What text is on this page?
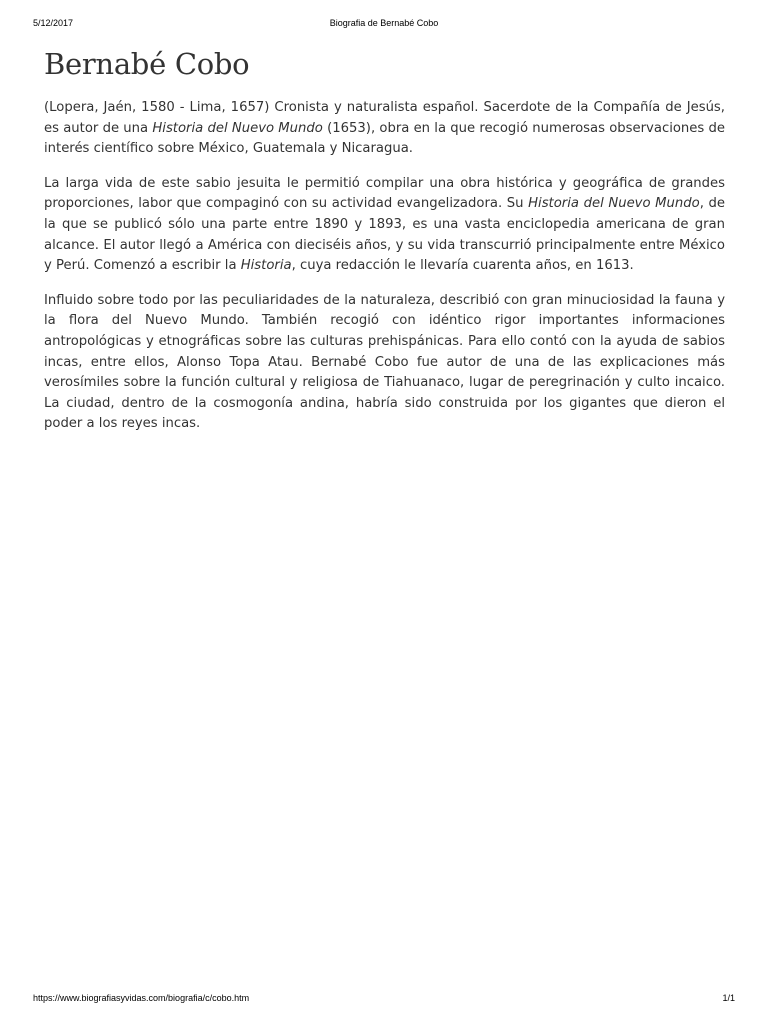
5/12/2017	Biografia de Bernabé Cobo
Bernabé Cobo

(Lopera, Jaén, 1580 - Lima, 1657) Cronista y naturalista español. Sacerdote de la Compañía de Jesús, es autor de una Historia del Nuevo Mundo (1653), obra en la que recogió numerosas observaciones de interés científico sobre México, Guatemala y Nicaragua.

La larga vida de este sabio jesuita le permitió compilar una obra histórica y geográfica de grandes proporciones, labor que compaginó con su actividad evangelizadora. Su Historia del Nuevo Mundo, de la que se publicó sólo una parte entre 1890 y 1893, es una vasta enciclopedia americana de gran alcance. El autor llegó a América con dieciséis años, y su vida transcurrió principalmente entre México y Perú. Comenzó a escribir la Historia, cuya redacción le llevaría cuarenta años, en 1613.

Influido sobre todo por las peculiaridades de la naturaleza, describió con gran minuciosidad la fauna y la flora del Nuevo Mundo. También recogió con idéntico rigor importantes informaciones antropológicas y etnográficas sobre las culturas prehispánicas. Para ello contó con la ayuda de sabios incas, entre ellos, Alonso Topa Atau. Bernabé Cobo fue autor de una de las explicaciones más verosímiles sobre la función cultural y religiosa de Tiahuanaco, lugar de peregrinación y culto incaico. La ciudad, dentro de la cosmogonía andina, habría sido construida por los gigantes que dieron el poder a los reyes incas.

https://www.biografiasyvidas.com/biografia/c/cobo.htm	1/1
